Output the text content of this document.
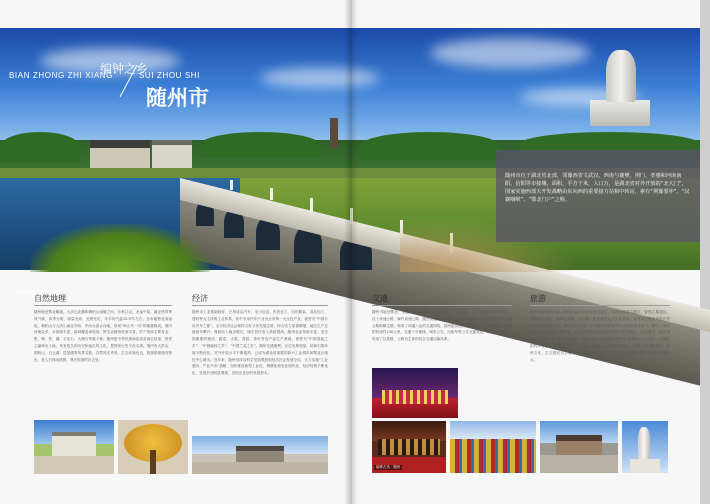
随州神农故里风景区
编钟之乡
BIAN ZHONG ZHI XIANG	SUI ZHOU SHI
随州市
随州市位于湖北省北部，邻豫西省文武汉、西南与襄樊、荆门、孝感和河南南阳、信阳等市接壤，面积、平方千米，人口万，是湖北省对外开放的“北大门”，国家实施西部大开发战略由东向西的重要接力站和中转站，素有“荆豫要冲”、“汉襄咽喉”、“鄂北门户”之称。
自然地理
随州地处鄂北腹地，大洪山北麓和桐柏山南麓之间，东承江汉，北接中原，属亚热带季风气候，四季分明，雨量充沛，光照充足，年平均气温15.5℃左右。全市地势北高南低，桐柏山与大洪山南北对峙，中间为涢水谷地，形成“两山夹一川”的地貌格局。境内河流众多，水资源丰富，森林覆盖率较高，野生动植物资源丰富，矿产资源主要有金、银、铜、铁、磷、石灰石、大理石等数十种。随州是中华民族始祖炎帝神农故里，曾侯乙编钟出土地，具有悠久的历史和灿烂的文化，是国家历史文化名城。境内有大洪山、桐柏山、白云湖、琵琶湖等风景名胜，自然风光秀美，生态环境优良，旅游资源独具特色，是人们休闲度假、观光旅游的好去处。
经济
随州市工业基础较好，已形成以汽车、电子信息、医药化工、纺织服装、食品加工、建材等为主体的工业体系，其中专用汽车产业为全市第一大支柱产业，被誉为“中国专用汽车之都”。全市经济社会保持又好又快发展态势，综合实力显著增强，地区生产总值逐年攀升，财政收入稳步增长，城乡居民收入持续提高。随州农业资源丰富，是全国重要的粮油、蔬菜、水果、香菇、茶叶等农产品生产基地，被誉为“中国香菇之乡”、“中国编钟之乡”、“中国兰花之乡”。随州交通便利，区位优势明显，招商引资环境不断优化，对外开放水平不断提高，已成为湖北省重要的新兴工业城市和鄂北区域性中心城市。近年来，随州坚持以科学发展观统领经济社会发展全局，大力实施“工业强市、产业兴市”战略，加快推进新型工业化、城镇化和农业现代化，经济结构不断优化，发展后劲明显增强，呈现出良好的发展势头。
交通
随州市地处鄂北，交通区位十分重要。汉丹铁路、宁西铁路、汉十高速铁路穿境而过，汉十高速公路、麻竹高速公路、随岳高速公路横贯全境，316国道、107省道等国省干线公路纵横交错，构成了四通八达的交通网络。随州距武汉天河国际机场约150公里，距襄阳机场约130公里，交通十分便捷。城市公交、出租车等公共交通发达，市内交通便利，形成了以铁路、公路为主体的综合交通运输体系。
旅游
随州旅游资源丰富。境内有炎帝神农故里风景区、大洪山风景名胜区、曾侯乙墓遗址、擂鼓墩古墓群、西游记漂流、白云湖、琵琶湖等众多旅游景点。炎帝神农故里风景区是国家4A级旅游景区，每年农历四月二十六举行的世界华人炎帝故里寻根节，吸引了海内外大量游客前来寻根祭祖。大洪山风景名胜区是国家级风景名胜区，山峦叠翠，风光秀丽，有“楚北第一名山”的美誉。曾侯乙墓出土的编钟被誉为“世界第八大奇迹”，在国际国内享有盛誉。随州还有千年银杏谷、西游记公园等特色景区，形成了以寻根谒祖、编钟文化、生态观光为主要特色的旅游产品体系，旅游业已成为随州经济发展的新增长点。
编钟古乐 · 随州
